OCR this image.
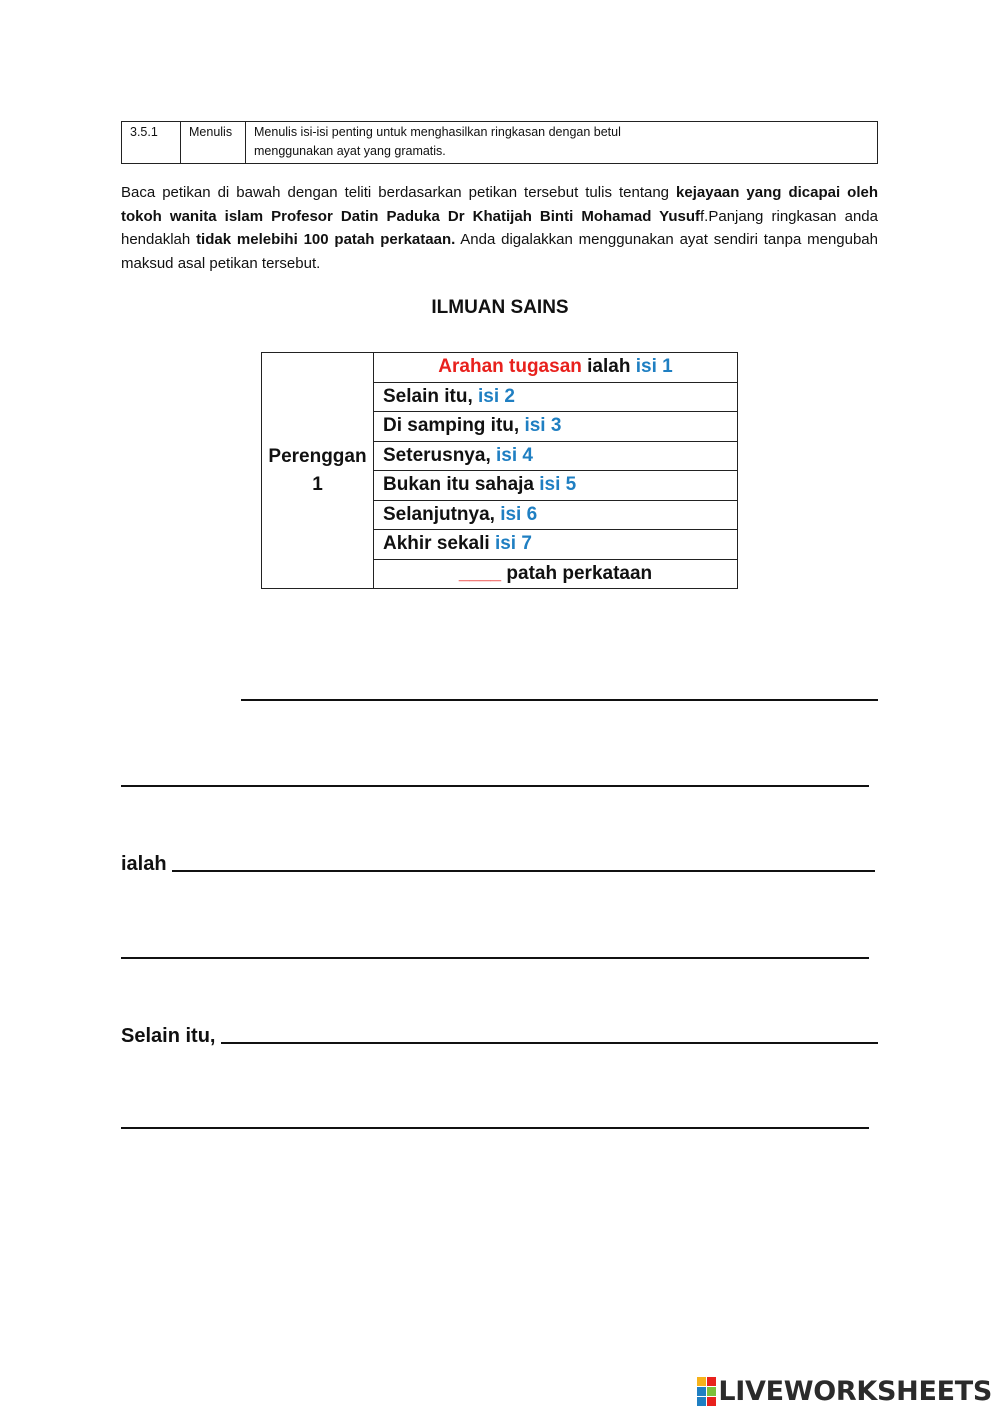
3.5.1	Menulis	Menulis isi-isi penting untuk menghasilkan ringkasan dengan betul
menggunakan ayat yang gramatis.
Baca petikan di bawah dengan teliti berdasarkan petikan tersebut tulis tentang kejayaan yang dicapai oleh tokoh wanita islam Profesor Datin Paduka Dr Khatijah Binti Mohamad Yusuff.Panjang ringkasan anda hendaklah tidak melebihi 100 patah perkataan. Anda digalakkan menggunakan ayat sendiri tanpa mengubah maksud asal petikan tersebut.
ILMUAN SAINS
Perenggan
1
	Arahan tugasan ialah isi 1
Selain itu, isi 2
Di samping itu, isi 3
Seterusnya, isi 4
Bukan itu sahaja isi 5
Selanjutnya, isi 6
Akhir sekali isi 7
____ patah perkataan
ialah
Selain itu,
LIVEWORKSHEETS
